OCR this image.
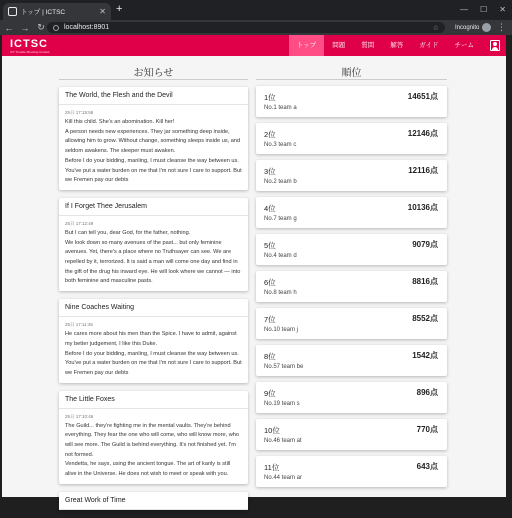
トップ | ICTSC	✕ +	— ☐ ✕
← → ↻	localhost:8901	☆	Incognito ⋮
ICTSC
ICT Trouble Shooting Contest
トップ	問題	質問	解答	ガイド	チーム
お知らせ	順位
The World, the Flesh and the Devil
25日 17:15:58
Kill this child. She's an abomination. Kill her!
A person needs new experiences. They jar something deep inside, allowing him to grow. Without change, something sleeps inside us, and seldom awakens. The sleeper must awaken.
Before I do your bidding, manling, I must cleanse the way between us. You've put a water burden on me that I'm not sure I care to support. But we Fremen pay our debts
If I Forget Thee Jerusalem
25日 17:12:49
But I can tell you, dear God, for the father, nothing.
We look down so many avenues of the past... but only feminine avenues. Yet, there's a place where no Truthsayer can see. We are repelled by it, terrorized. It is said a man will come one day and find in the gift of the drug his inward eye. He will look where we cannot — into both feminine and masculine pasts.
Nine Coaches Waiting
25日 17:11:45
He cares more about his men than the Spice. I have to admit, against my better judgement, I like this Duke.
Before I do your bidding, manling, I must cleanse the way between us. You've put a water burden on me that I'm not sure I care to support. But we Fremen pay our debts
The Little Foxes
25日 17:10:46
The Guild... they're fighting me in the mental vaults. They're behind everything. They fear the one who will come, who will know more, who will see more. The Guild is behind everything. It's not finished yet. I'm not formed.
Vendetta, he says, using the ancient tongue. The art of kanly is still alive in the Universe. He does not wish to meet or speak with you.
Great Work of Time
1位	14651点
No.1 team a
2位	12146点
No.3 team c
3位	12116点
No.2 team b
4位	10136点
No.7 team g
5位	9079点
No.4 team d
6位	8816点
No.8 team h
7位	8552点
No.10 team j
8位	1542点
No.57 team be
9位	896点
No.19 team s
10位	770点
No.46 team at
11位	643点
No.44 team ar
